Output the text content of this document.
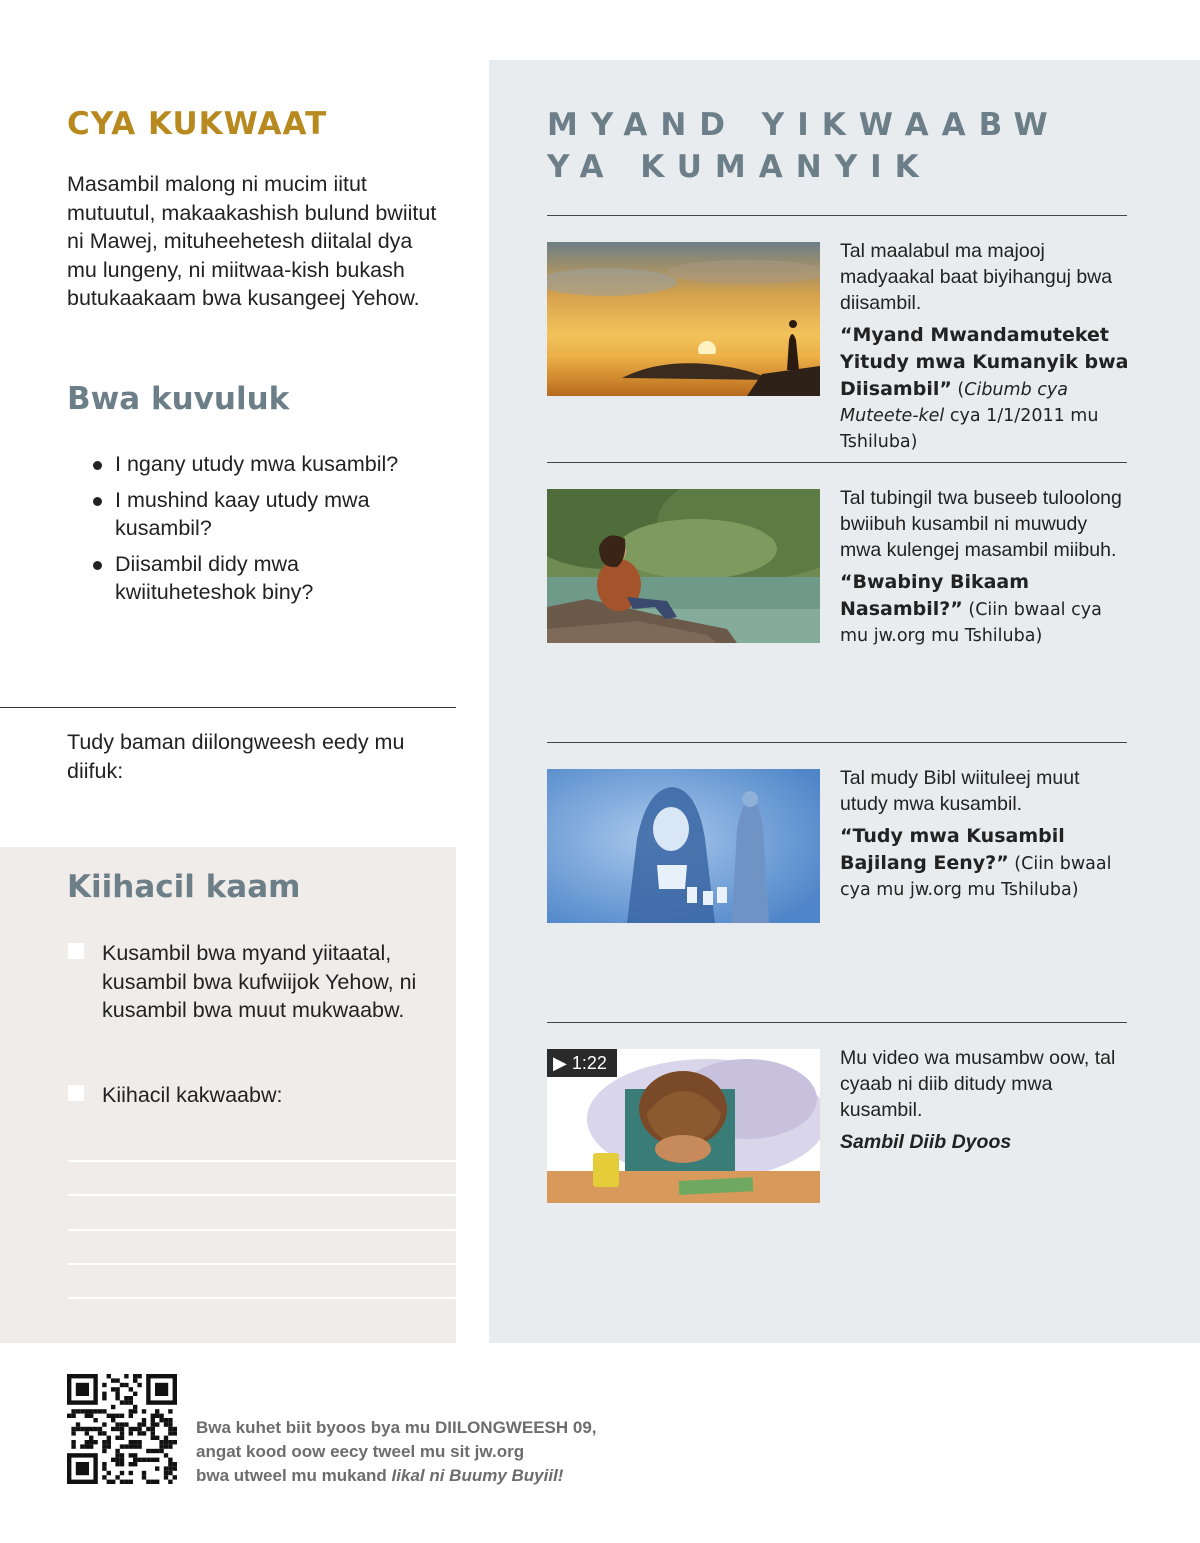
CYA KUKWAAT

Masambil malong ni mucim iitut mutuutul, makaakashish bulund bwiitut ni Mawej, mituheehetesh diitalal dya mu lungeny, ni miitwaa-kish bukash butukaakaam bwa kusangeej Yehow.

Bwa kuvuluk
I ngany utudy mwa kusambil?
I mushind kaay utudy mwa kusambil?
Diisambil didy mwa kwiituheteshok biny?

Tudy baman diilongweesh eedy mu diifuk:

Kiihacil kaam
Kusambil bwa myand yiitaatal, kusambil bwa kufwiijok Yehow, ni kusambil bwa muut mukwaabw.
Kiihacil kakwaabw:
MYAND YIKWAABW
YA KUMANYIK

Tal maalabul ma majooj madyaakal baat biyihanguj bwa diisambil.

“Myand Mwandamuteket Yitudy mwa Kumanyik bwa Diisambil” (Cibumb cya Muteete-kel cya 1/1/2011 mu Tshiluba)

Tal tubingil twa buseeb tuloolong bwiibuh kusambil ni muwudy mwa kulengej masambil miibuh.

“Bwabiny Bikaam Nasambil?” (Ciin bwaal cya mu jw.org mu Tshiluba)

Tal mudy Bibl wiituleej muut utudy mwa kusambil.

“Tudy mwa Kusambil Bajilang Eeny?” (Ciin bwaal cya mu jw.org mu Tshiluba)

▶ 1:22	Mu video wa musambw oow, tal cyaab ni diib ditudy mwa kusambil.

Sambil Diib Dyoos

Bwa kuhet biit byoos bya mu DIILONGWEESH 09,
angat kood oow eecy tweel mu sit jw.org
bwa utweel mu mukand Iikal ni Buumy Buyiil!
